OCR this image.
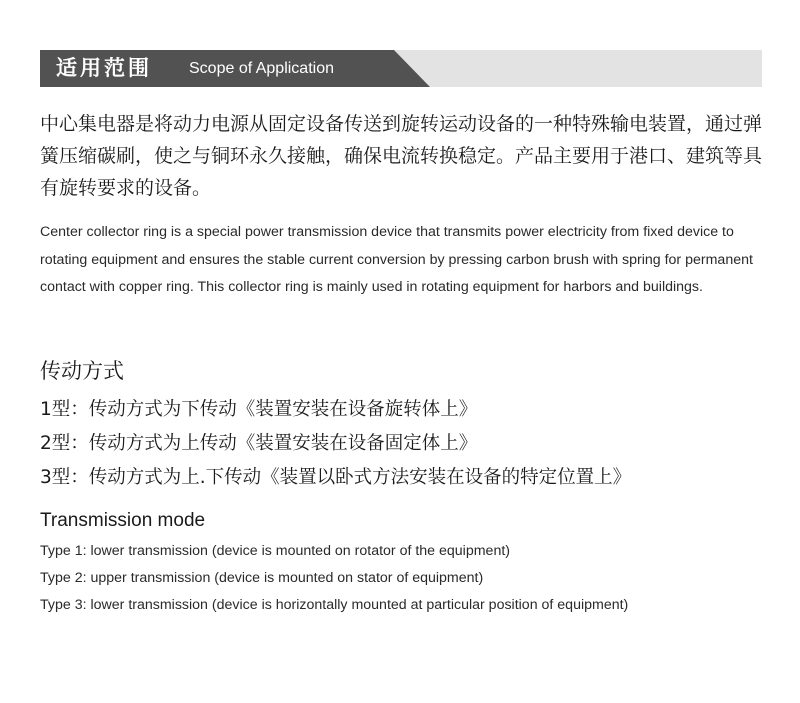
适用范围 Scope of Application

中心集电器是将动力电源从固定设备传送到旋转运动设备的一种特殊输电装置，通过弹簧压缩碳刷，使之与铜环永久接触，确保电流转换稳定。产品主要用于港口、建筑等具有旋转要求的设备。

Center collector ring is a special power transmission device that transmits power electricity from fixed device to rotating equipment and ensures the stable current conversion by pressing carbon brush with spring for permanent contact with copper ring. This collector ring is mainly used in rotating equipment for harbors and buildings.

传动方式
1型：传动方式为下传动《装置安装在设备旋转体上》
2型：传动方式为上传动《装置安装在设备固定体上》
3型：传动方式为上.下传动《装置以卧式方法安装在设备的特定位置上》
Transmission mode
Type 1: lower transmission (device is mounted on rotator of the equipment)
Type 2: upper transmission (device is mounted on stator of equipment)
Type 3: lower transmission (device is horizontally mounted at particular position of equipment)
